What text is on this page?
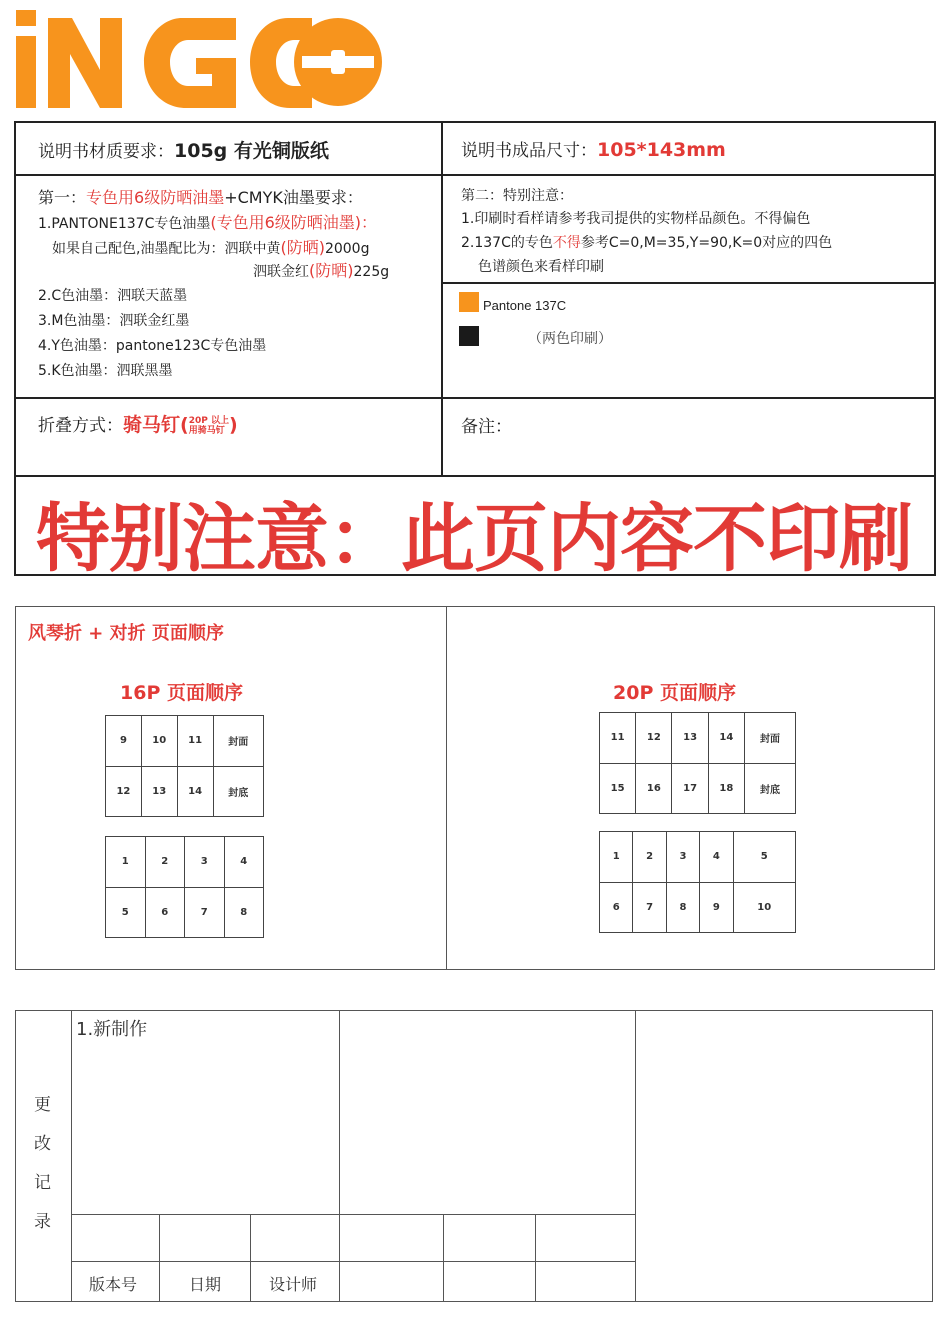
说明书材质要求：105g 有光铜版纸	说明书成品尺寸：105*143mm
第一：专色用6级防晒油墨+CMYK油墨要求：
1.PANTONE137C专色油墨(专色用6级防晒油墨)：
如果自己配色,油墨配比为：泗联中黄(防晒)2000g
泗联金红(防晒)225g
2.C色油墨：泗联天蓝墨
3.M色油墨：泗联金红墨
4.Y色油墨：pantone123C专色油墨
5.K色油墨：泗联黑墨
第二：特别注意：
1.印刷时看样请参考我司提供的实物样品颜色。不得偏色
2.137C的专色不得参考C=0,M=35,Y=90,K=0对应的四色
色谱颜色来看样印刷
Pantone 137C
（两色印刷）
折叠方式：骑马钉(20P 以上
用骑马钉 )	备注：
特别注意：此页内容不印刷
风琴折 + 对折 页面顺序
16P 页面顺序	20P 页面顺序
9	10	11	封面
12	13	14	封底
1	2	3	4
5	6	7	8
11	12	13	14	封面
15	16	17	18	封底
1	2	3	4	5
6	7	8	9	10
更
改
记
录
1.新制作
版本号	日期	设计师
